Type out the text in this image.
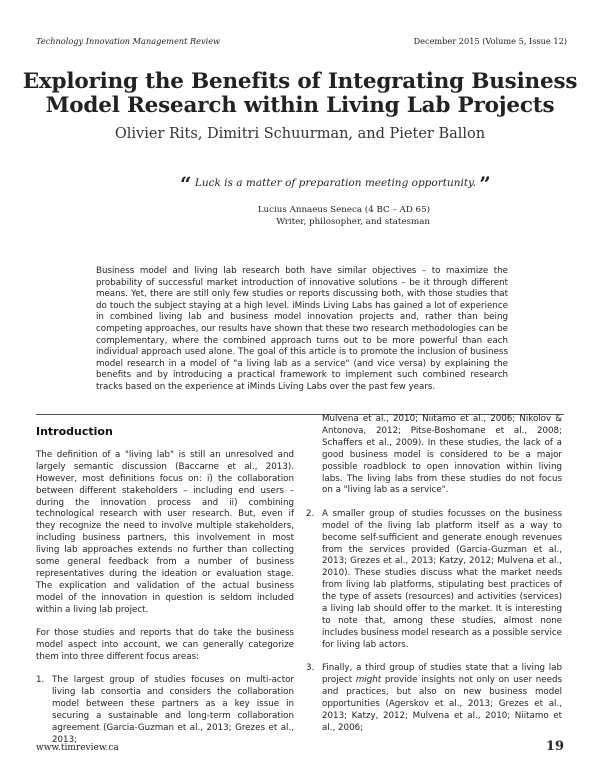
Technology Innovation Management Review	December 2015 (Volume 5, Issue 12)
Exploring the Benefits of Integrating Business
Model Research within Living Lab Projects
Olivier Rits, Dimitri Schuurman, and Pieter Ballon
“ Luck is a matter of preparation meeting opportunity. ”
Lucius Annaeus Seneca (4 BC – AD 65)
Writer, philosopher, and statesman
Business model and living lab research both have similar objectives – to maximize the probability of successful market introduction of innovative solutions – be it through different means. Yet, there are still only few studies or reports discussing both, with those studies that do touch the subject staying at a high level. iMinds Living Labs has gained a lot of experience in combined living lab and business model innovation projects and, rather than being competing approaches, our results have shown that these two research methodologies can be complementary, where the combined approach turns out to be more powerful than each individual approach used alone. The goal of this article is to promote the inclusion of business model research in a model of "a living lab as a service" (and vice versa) by explaining the benefits and by introducing a practical framework to implement such combined research tracks based on the experience at iMinds Living Labs over the past few years.
Introduction

The definition of a "living lab" is still an unresolved and largely semantic discussion (Baccarne et al., 2013). However, most definitions focus on: i) the collaboration between different stakeholders – including end users – during the innovation process and ii) combining technological research with user research. But, even if they recognize the need to involve multiple stakeholders, including business partners, this involvement in most living lab approaches extends no further than collecting some general feedback from a number of business representatives during the ideation or evaluation stage. The explication and validation of the actual business model of the innovation in question is seldom included within a living lab project.

For those studies and reports that do take the business model aspect into account, we can generally categorize them into three different focus areas:

1. The largest group of studies focuses on multi-actor living lab consortia and considers the collaboration model between these partners as a key issue in securing a sustainable and long-term collaboration agreement (Garcia-Guzman et al., 2013; Grezes et al., 2013;

Mulvena et al., 2010; Niitamo et al., 2006; Nikolov & Antonova, 2012; Pitse-Boshomane et al., 2008; Schaffers et al., 2009). In these studies, the lack of a good business model is considered to be a major possible roadblock to open innovation within living labs. The living labs from these studies do not focus on a "living lab as a service".

2. A smaller group of studies focusses on the business model of the living lab platform itself as a way to become self-sufficient and generate enough revenues from the services provided (Garcia-Guzman et al., 2013; Grezes et al., 2013; Katzy, 2012; Mulvena et al., 2010). These studies discuss what the market needs from living lab platforms, stipulating best practices of the type of assets (resources) and activities (services) a living lab should offer to the market. It is interesting to note that, among these studies, almost none includes business model research as a possible service for living lab actors.
3. Finally, a third group of studies state that a living lab project might provide insights not only on user needs and practices, but also on new business model opportunities (Agerskov et al., 2013; Grezes et al., 2013; Katzy, 2012; Mulvena et al., 2010; Niitamo et al., 2006;
www.timreview.ca	19
